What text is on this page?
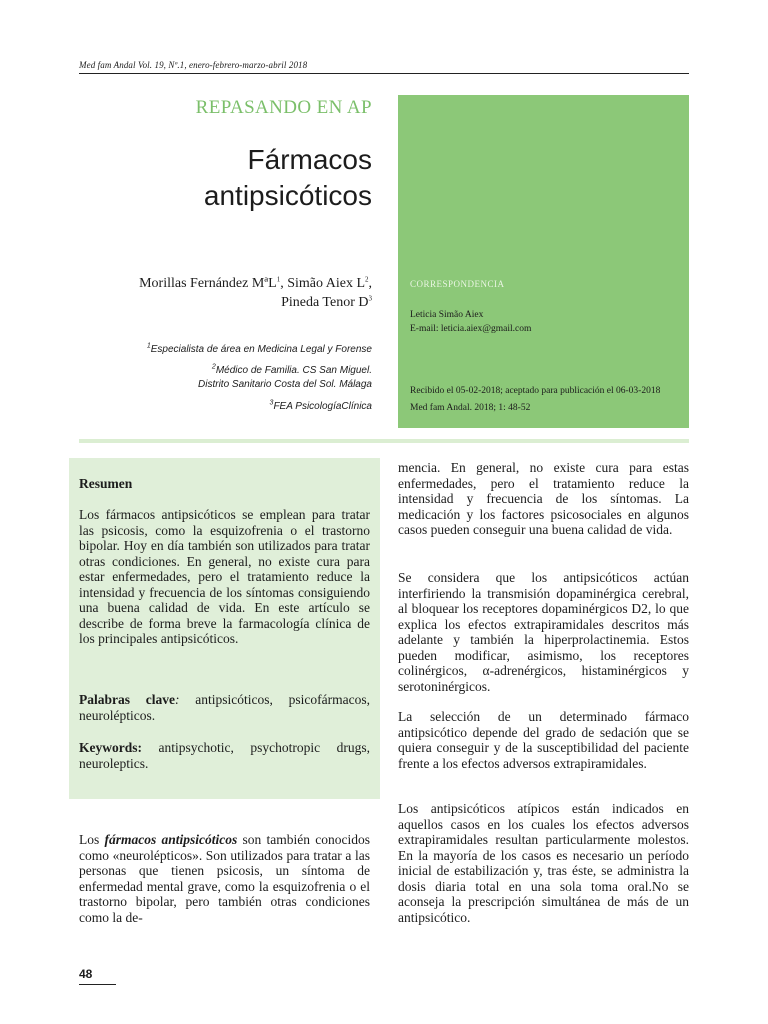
Med fam Andal Vol. 19, Nº.1, enero-febrero-marzo-abril 2018
REPASANDO EN AP
Fármacos
antipsicóticos
Morillas Fernández MªL$^1$, Simão Aiex $L^2$,
Pineda Tenor $D^3$
$^1$Especialista de área en Medicina Legal y Forense
$^2$Médico de Familia. CS San Miguel.
Distrito Sanitario Costa del Sol. Málaga
$^3$FEA PsicologíaClínica
CORRESPONDENCIA
Leticia Simão Aiex
E-mail: leticia.aiex@gmail.com
Recibido el 05-02-2018; aceptado para publicación el 06-03-2018
Med fam Andal. 2018; 1: 48-52
Resumen
Los fármacos antipsicóticos se emplean para tratar las psicosis, como la esquizofrenia o el trastorno bipolar. Hoy en día también son utilizados para tratar otras condiciones. En general, no existe cura para estar enfermedades, pero el tratamiento reduce la intensidad y frecuencia de los síntomas consiguiendo una buena calidad de vida. En este artículo se describe de forma breve la farmacología clínica de los principales antipsicóticos.
Palabras clave: antipsicóticos, psicofármacos, neurolépticos.
Keywords: antipsychotic, psychotropic drugs, neuroleptics.
Los fármacos antipsicóticos son también conocidos como «neurolépticos». Son utilizados para tratar a las personas que tienen psicosis, un síntoma de enfermedad mental grave, como la esquizofrenia o el trastorno bipolar, pero también otras condiciones como la de-
mencia. En general, no existe cura para estas enfermedades, pero el tratamiento reduce la intensidad y frecuencia de los síntomas. La medicación y los factores psicosociales en algunos casos pueden conseguir una buena calidad de vida.
Se considera que los antipsicóticos actúan interfiriendo la transmisión dopaminérgica cerebral, al bloquear los receptores dopaminérgicos D2, lo que explica los efectos extrapiramidales descritos más adelante y también la hiperprolactinemia. Estos pueden modificar, asimismo, los receptores colinérgicos, α-adrenérgicos, histaminérgicos y serotoninérgicos.
La selección de un determinado fármaco antipsicótico depende del grado de sedación que se quiera conseguir y de la susceptibilidad del paciente frente a los efectos adversos extrapiramidales.
Los antipsicóticos atípicos están indicados en aquellos casos en los cuales los efectos adversos extrapiramidales resultan particularmente molestos. En la mayoría de los casos es necesario un período inicial de estabilización y, tras éste, se administra la dosis diaria total en una sola toma oral.No se aconseja la prescripción simultánea de más de un antipsicótico.
48
